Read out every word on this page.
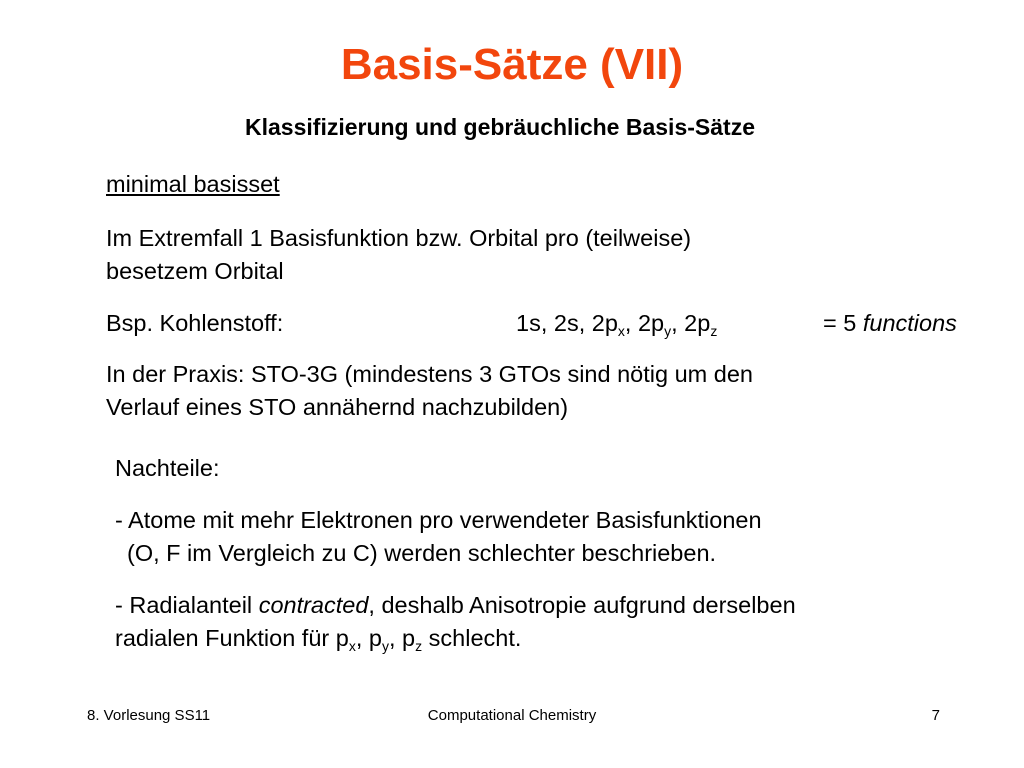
Basis-Sätze (VII)
Klassifizierung und gebräuchliche Basis-Sätze

minimal basisset

Im Extremfall 1 Basisfunktion bzw. Orbital pro (teilweise)

besetzem Orbital

Bsp. Kohlenstoff:	1s, 2s, $2p_x$, $2p_y$, $2p_z$	= 5 functions

In der Praxis: STO-3G (mindestens 3 GTOs sind nötig um den

Verlauf eines STO annähernd nachzubilden)

Nachteile:

- Atome mit mehr Elektronen pro verwendeter Basisfunktionen

(O, F im Vergleich zu C) werden schlechter beschrieben.

- Radialanteil contracted, deshalb Anisotropie aufgrund derselben

radialen Funktion für $p_x$, $p_y$, $p_z$ schlecht.

8. Vorlesung SS11	Computational Chemistry	7
